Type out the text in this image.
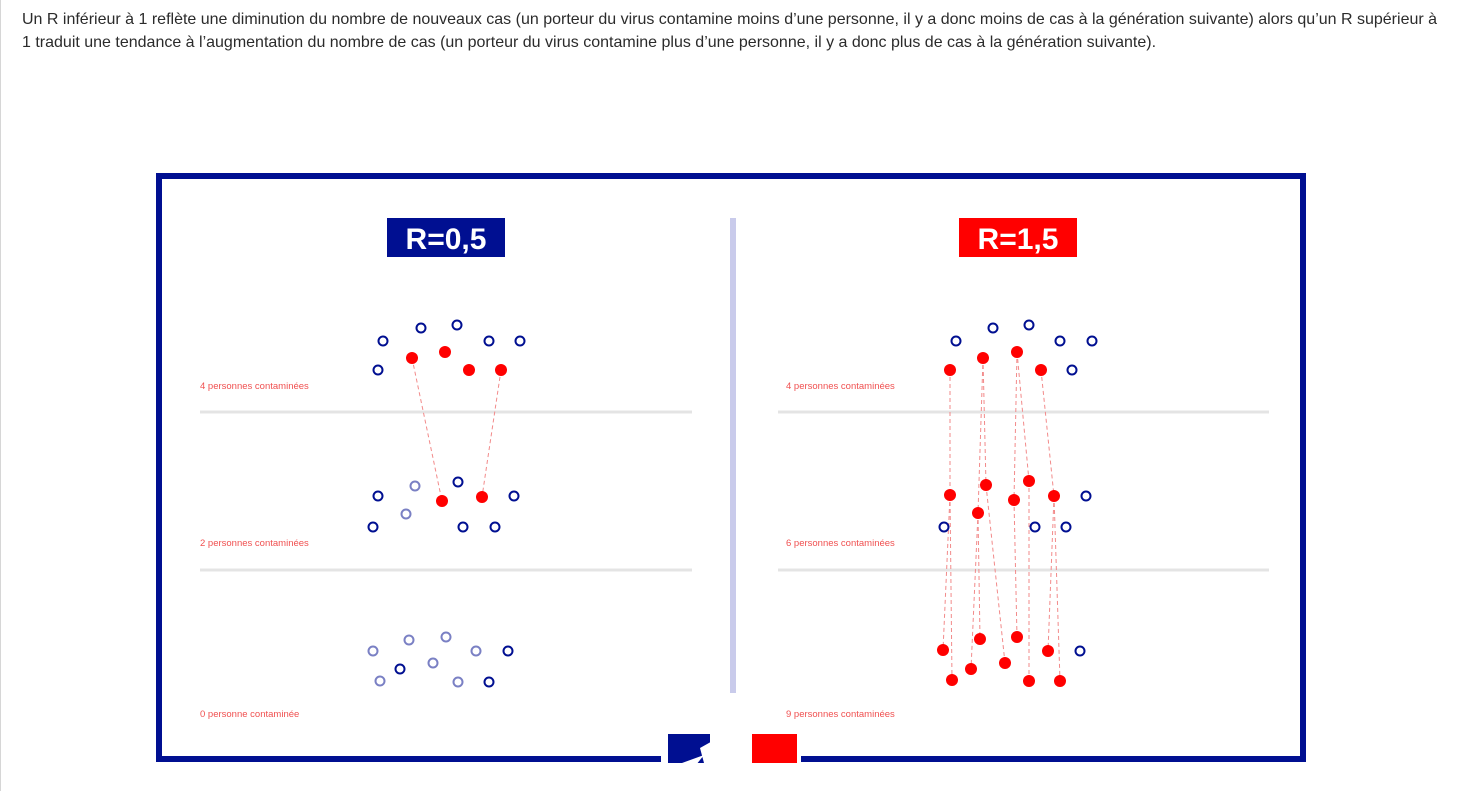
Un R inférieur à 1 reflète une diminution du nombre de nouveaux cas (un porteur du virus contamine moins d’une personne, il y a donc moins de cas à la génération suivante) alors qu’un R supérieur à 1 traduit une tendance à l’augmentation du nombre de cas (un porteur du virus contamine plus d’une personne, il y a donc plus de cas à la génération suivante).

R=0,5	R=1,5
4 personnes contaminées
2 personnes contaminées
0 personne contaminée
4 personnes contaminées
6 personnes contaminées
9 personnes contaminées
